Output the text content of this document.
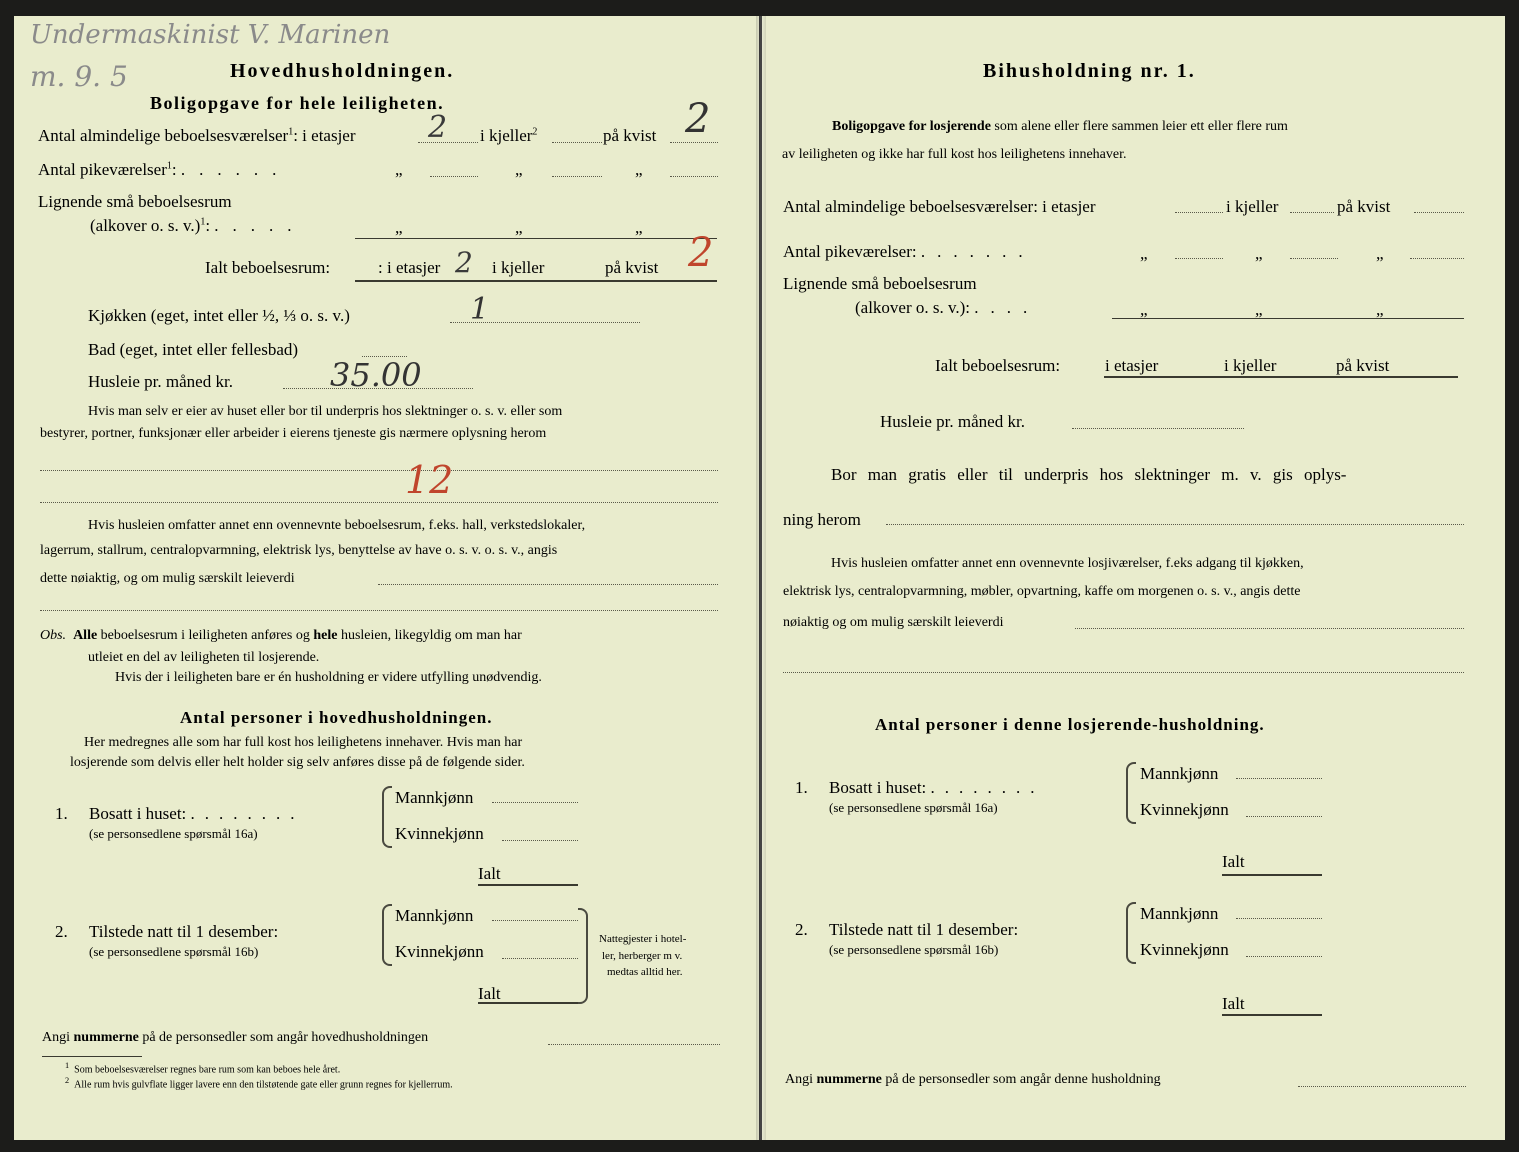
Undermaskinist V. Marinen
m. 9. 5	Hovedhusholdningen.
Boligopgave for hele leiligheten.
Antal almindelige beboelsesværelser$^1$: i etasjer 2 i kjeller$^2$	på kvist 2
Antal pikeværelser$^1$: ......	„	„	„
Lignende små beboelsesrum
(alkover o. s. v.)$^1$: .....	„	„	„
Ialt beboelsesrum:	: i etasjer 2 i kjeller	på kvist 2
Kjøkken (eget, intet eller ½, ⅓ o. s. v.)	1
Bad (eget, intet eller fellesbad)
Husleie pr. måned kr.	35.00
Hvis man selv er eier av huset eller bor til underpris hos slektninger o. s. v. eller som
bestyrer, portner, funksjonær eller arbeider i eierens tjeneste gis nærmere oplysning herom
12
Hvis husleien omfatter annet enn ovennevnte beboelsesrum, f.eks. hall, verkstedslokaler,
lagerrum, stallrum, centralopvarmning, elektrisk lys, benyttelse av have o. s. v. o. s. v., angis
dette nøiaktig, og om mulig særskilt leieverdi
Obs. Alle beboelsesrum i leiligheten anføres og hele husleien, likegyldig om man har
utleiet en del av leiligheten til losjerende.
Hvis der i leiligheten bare er én husholdning er videre utfylling unødvendig.
Antal personer i hovedhusholdningen.
Her medregnes alle som har full kost hos leilighetens innehaver. Hvis man har
losjerende som delvis eller helt holder sig selv anføres disse på de følgende sider.
1. Bosatt i huset: ........
(se personsedlene spørsmål 16a)
Mannkjønn
Kvinnekjønn
Ialt
2. Tilstede natt til 1 desember:
(se personsedlene spørsmål 16b)
Mannkjønn
Kvinnekjønn
Ialt
Nattegjester i hotel-
ler, herberger m v.
medtas alltid her.
Angi nummerne på de personsedler som angår hovedhusholdningen
$^1$ Som beboelsesværelser regnes bare rum som kan beboes hele året.
$^2$ Alle rum hvis gulvflate ligger lavere enn den tilstøtende gate eller grunn regnes for kjellerrum.
Bihusholdning nr. 1.
Boligopgave for losjerende som alene eller flere sammen leier ett eller flere rum
av leiligheten og ikke har full kost hos leilighetens innehaver.
Antal almindelige beboelsesværelser: i etasjer	i kjeller	på kvist
Antal pikeværelser: .......	„	„	„
Lignende små beboelsesrum
(alkover o. s. v.): ....	„	„	„
Ialt beboelsesrum:	i etasjer	i kjeller	på kvist
Husleie pr. måned kr.
Bor man gratis eller til underpris hos slektninger m. v. gis oplys-
ning herom
Hvis husleien omfatter annet enn ovennevnte losjiværelser, f.eks adgang til kjøkken,
elektrisk lys, centralopvarmning, møbler, opvartning, kaffe om morgenen o. s. v., angis dette
nøiaktig og om mulig særskilt leieverdi
Antal personer i denne losjerende-husholdning.
1. Bosatt i huset: ........
(se personsedlene spørsmål 16a)
Mannkjønn
Kvinnekjønn
Ialt
2. Tilstede natt til 1 desember:
(se personsedlene spørsmål 16b)
Mannkjønn
Kvinnekjønn
Ialt
Angi nummerne på de personsedler som angår denne husholdning
